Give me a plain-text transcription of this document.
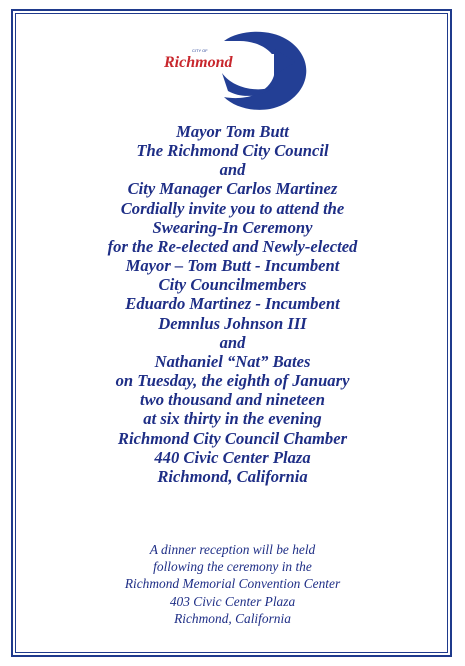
CITY OF
Richmond
Mayor Tom Butt
The Richmond City Council
and
City Manager Carlos Martinez
Cordially invite you to attend the
Swearing-In Ceremony
for the Re-elected and Newly-elected
Mayor – Tom Butt - Incumbent
City Councilmembers
Eduardo Martinez - Incumbent
Demnlus Johnson III
and
Nathaniel “Nat” Bates
on Tuesday, the eighth of January
two thousand and nineteen
at six thirty in the evening
Richmond City Council Chamber
440 Civic Center Plaza
Richmond, California
A dinner reception will be held
following the ceremony in the
Richmond Memorial Convention Center
403 Civic Center Plaza
Richmond, California
